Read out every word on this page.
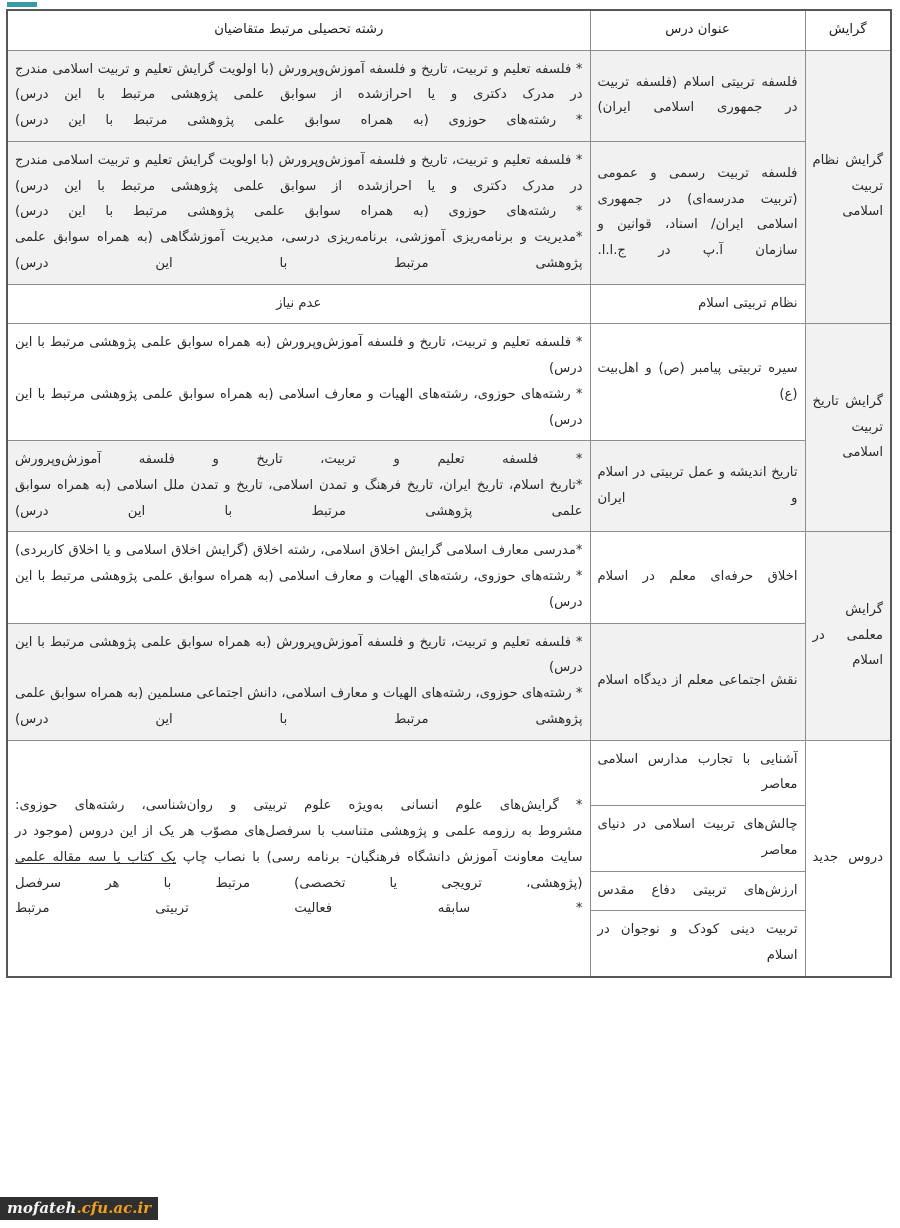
گرایش	عنوان درس	رشته تحصیلی مرتبط متقاضیان
گرایش نظام تربیت اسلامی	فلسفه تربیتی اسلام (فلسفه تربیت در جمهوری اسلامی ایران)	* فلسفه تعلیم و تربیت، تاریخ و فلسفه آموزش‌وپرورش (با اولویت گرایش تعلیم و تربیت اسلامی مندرج در مدرک دکتری و یا احرازشده از سوابق علمی پژوهشی مرتبط با این درس)
* رشته‌های حوزوی (به همراه سوابق علمی پژوهشی مرتبط با این درس)

	فلسفه تربیت رسمی و عمومی (تربیت مدرسه‌ای) در جمهوری اسلامی ایران/ اسناد، قوانین و سازمان آ.پ در ج.ا.ا.	* فلسفه تعلیم و تربیت، تاریخ و فلسفه آموزش‌وپرورش (با اولویت گرایش تعلیم و تربیت اسلامی مندرج در مدرک دکتری و یا احرازشده از سوابق علمی پژوهشی مرتبط با این درس)
* رشته‌های حوزوی (به همراه سوابق علمی پژوهشی مرتبط با این درس)
*مدیریت و برنامه‌ریزی آموزشی، برنامه‌ریزی درسی، مدیریت آموزشگاهی (به همراه سوابق علمی پژوهشی مرتبط با این درس)

	نظام تربیتی اسلام	عدم نیاز

گرایش تاریخ تربیت اسلامی	سیره تربیتی پیامبر (ص) و اهل‌بیت (ع)	* فلسفه تعلیم و تربیت، تاریخ و فلسفه آموزش‌وپرورش (به همراه سوابق علمی پژوهشی مرتبط با این درس)
* رشته‌های حوزوی، رشته‌های الهیات و معارف اسلامی (به همراه سوابق علمی پژوهشی مرتبط با این درس)

	تاریخ اندیشه و عمل تربیتی در اسلام و ایران	* فلسفه تعلیم و تربیت، تاریخ و فلسفه آموزش‌وپرورش
*تاریخ اسلام، تاریخ ایران، تاریخ فرهنگ و تمدن اسلامی، تاریخ و تمدن ملل اسلامی (به همراه سوابق علمی پژوهشی مرتبط با این درس)

گرایش معلمی در اسلام	اخلاق حرفه‌ای معلم در اسلام	*مدرسی معارف اسلامی گرایش اخلاق اسلامی، رشته اخلاق (گرایش اخلاق اسلامی و یا اخلاق کاربردی)
* رشته‌های حوزوی، رشته‌های الهیات و معارف اسلامی (به همراه سوابق علمی پژوهشی مرتبط با این درس)

	نقش اجتماعی معلم از دیدگاه اسلام	* فلسفه تعلیم و تربیت، تاریخ و فلسفه آموزش‌وپرورش (به همراه سوابق علمی پژوهشی مرتبط با این درس)
* رشته‌های حوزوی، رشته‌های الهیات و معارف اسلامی، دانش اجتماعی مسلمین (به همراه سوابق علمی پژوهشی مرتبط با این درس)

دروس جدید	آشنایی با تجارب مدارس اسلامی معاصر	* گرایش‌های علوم انسانی به‌ویژه علوم تربیتی و روان‌شناسی، رشته‌های حوزوی:
مشروط به رزومه علمی و پژوهشی متناسب با سرفصل‌های مصوّب هر یک از این دروس (موجود در سایت معاونت آموزش دانشگاه فرهنگیان- برنامه رسی) با نصاب چاپ یک کتاب یا سه مقاله علمی (پژوهشی، ترویجی یا تخصصی) مرتبط با هر سرفصل
* سابقه فعالیت تربیتی مرتبط

	چالش‌های تربیت اسلامی در دنیای معاصر	
	ارزش‌های تربیتی دفاع مقدس	
	تربیت دینی کودک و نوجوان در اسلام	
mofateh.cfu.ac.ir
